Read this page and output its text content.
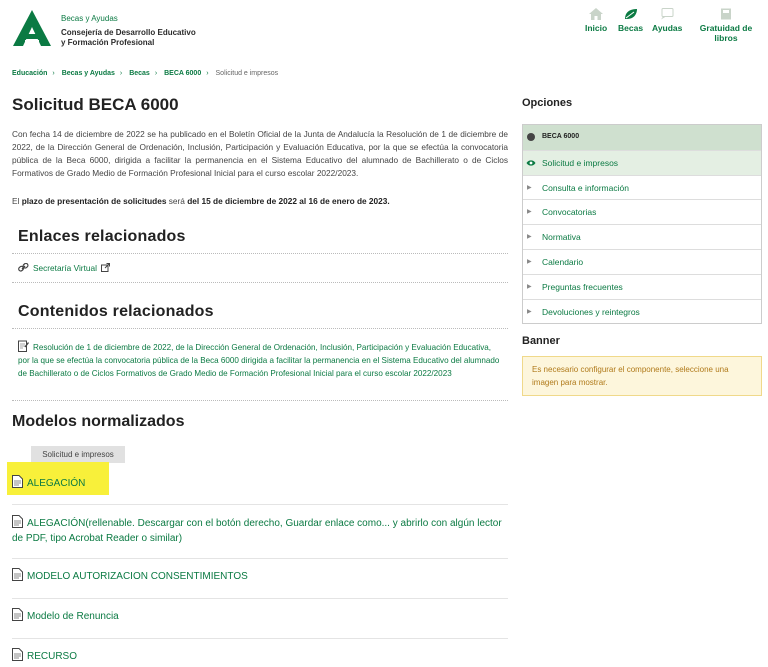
Becas y Ayudas
Consejería de Desarrollo Educativo
y Formación Profesional
Inicio Becas Ayudas Gratuidad de
libros
Educación › Becas y Ayudas › Becas › BECA 6000 › Solicitud e impresos
Solicitud BECA 6000

Con fecha 14 de diciembre de 2022 se ha publicado en el Boletín Oficial de la Junta de Andalucía la Resolución de 1 de diciembre de 2022, de la Dirección General de Ordenación, Inclusión, Participación y Evaluación Educativa, por la que se efectúa la convocatoria pública de la Beca 6000, dirigida a facilitar la permanencia en el Sistema Educativo del alumnado de Bachillerato o de Ciclos Formativos de Grado Medio de Formación Profesional Inicial para el curso escolar 2022/2023.

El plazo de presentación de solicitudes será del 15 de diciembre de 2022 al 16 de enero de 2023.

Enlaces relacionados
Secretaría Virtual
Contenidos relacionados
Resolución de 1 de diciembre de 2022, de la Dirección General de Ordenación, Inclusión, Participación y Evaluación Educativa, por la que se efectúa la convocatoria pública de la Beca 6000 dirigida a facilitar la permanencia en el Sistema Educativo del alumnado de Bachillerato o de Ciclos Formativos de Grado Medio de Formación Profesional Inicial para el curso escolar 2022/2023
Modelos normalizados
Solicitud e impresos
ALEGACIÓN
ALEGACIÓN(rellenable. Descargar con el botón derecho, Guardar enlace como... y abrirlo con algún lector de PDF, tipo Acrobat Reader o similar)
MODELO AUTORIZACION CONSENTIMIENTOS
Modelo de Renuncia
RECURSO
Opciones
BECA 6000
Solicitud e impresos
▶ Consulta e información
▶ Convocatorias
▶ Normativa
▶ Calendario
▶ Preguntas frecuentes
▶ Devoluciones y reintegros
Banner
Es necesario configurar el componente, seleccione una imagen para mostrar.
